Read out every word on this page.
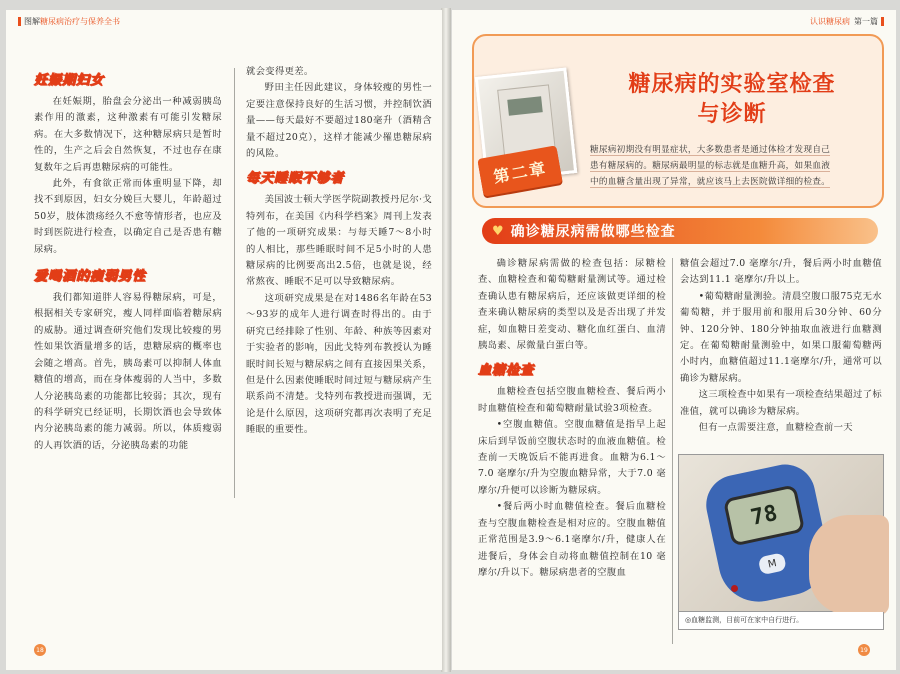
图解 糖尿病治疗与保养全书
妊娠期妇女

在妊娠期，胎盘会分泌出一种减弱胰岛素作用的激素，这种激素有可能引发糖尿病。在大多数情况下，这种糖尿病只是暂时性的，生产之后会自然恢复，不过也存在康复数年之后再患糖尿病的可能性。

此外，有食欲正常而体重明显下降，却找不到原因，妇女分娩巨大婴儿，年龄超过50岁，肢体溃疡经久不愈等情形者，也应及时到医院进行检查，以确定自己是否患有糖尿病。

爱喝酒的瘦弱男性

我们都知道胖人容易得糖尿病，可是，根据相关专家研究，瘦人同样面临着糖尿病的威胁。通过调查研究他们发现比较瘦的男性如果饮酒量增多的话，患糖尿病的概率也会随之增高。首先，胰岛素可以抑制人体血糖值的增高，而在身体瘦弱的人当中，多数人分泌胰岛素的功能都比较弱；其次，现有的科学研究已经证明，长期饮酒也会导致体内分泌胰岛素的能力减弱。所以，体质瘦弱的人再饮酒的话，分泌胰岛素的功能

就会变得更差。

野田主任因此建议，身体较瘦的男性一定要注意保持良好的生活习惯，并控制饮酒量——每天最好不要超过180毫升（酒精含量不超过20克），这样才能减少罹患糖尿病的风险。

每天睡眠不够者

美国波士顿大学医学院副教授丹尼尔·戈特列布，在美国《内科学档案》周刊上发表了他的一项研究成果：与每天睡7～8小时的人相比，那些睡眠时间不足5小时的人患糖尿病的比例要高出2.5倍，也就是说，经常熬夜、睡眠不足可以导致糖尿病。

这项研究成果是在对1486名年龄在53～93岁的成年人进行调查时得出的。由于研究已经排除了性别、年龄、种族等因素对于实验者的影响，因此戈特列布教授认为睡眠时间长短与糖尿病之间有直接因果关系，但是什么因素使睡眠时间过短与糖尿病产生联系尚不清楚。戈特列布教授进而强调，无论是什么原因，这项研究都再次表明了充足睡眠的重要性。

18
认识糖尿病 第一篇
第二章
糖尿病的实验室检查
与诊断
糖尿病初期没有明显症状，大多数患者是通过体检才发现自己
患有糖尿病的。糖尿病最明显的标志就是血糖升高，如果血液
中的血糖含量出现了异常，就应该马上去医院做详细的检查。
♥ 确诊糖尿病需做哪些检查

确诊糖尿病需做的检查包括：尿糖检查、血糖检查和葡萄糖耐量测试等。通过检查确认患有糖尿病后，还应该做更详细的检查来确认糖尿病的类型以及是否出现了并发症，如血糖日差变动、糖化血红蛋白、血清胰岛素、尿微量白蛋白等。

血糖检查

血糖检查包括空腹血糖检查、餐后两小时血糖值检查和葡萄糖耐量试验3项检查。

•空腹血糖值。空腹血糖值是指早上起床后到早饭前空腹状态时的血液血糖值。检查前一天晚饭后不能再进食。血糖为6.1～7.0 毫摩尔/升为空腹血糖异常，大于7.0 毫摩尔/升便可以诊断为糖尿病。

•餐后两小时血糖值检查。餐后血糖检查与空腹血糖检查是相对应的。空腹血糖值正常范围是3.9～6.1毫摩尔/升，健康人在进餐后，身体会自动将血糖值控制在10 毫摩尔/升以下。糖尿病患者的空腹血

糖值会超过7.0 毫摩尔/升，餐后两小时血糖值会达到11.1 毫摩尔/升以上。

•葡萄糖耐量测验。清晨空腹口服75克无水葡萄糖，并于服用前和服用后30分钟、60分钟、120分钟、180分钟抽取血液进行血糖测定。在葡萄糖耐量测验中，如果口服葡萄糖两小时内，血糖值超过11.1毫摩尔/升，通常可以确诊为糖尿病。

这三项检查中如果有一项检查结果超过了标准值，就可以确诊为糖尿病。

但有一点需要注意，血糖检查前一天

78
M
◎血糖监测，目前可在家中自行进行。
19
